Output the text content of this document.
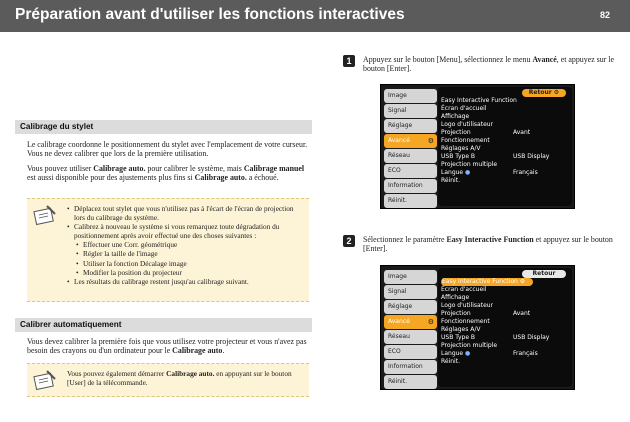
Préparation avant d'utiliser les fonctions interactives	82
Calibrage du stylet
Le calibrage coordonne le positionnement du stylet avec l'emplacement de votre curseur. Vous ne devez calibrer que lors de la première utilisation.
Vous pouvez utiliser Calibrage auto. pour calibrer le système, mais Calibrage manuel est aussi disponible pour des ajustements plus fins si Calibrage auto. a échoué.
• Déplacez tout stylet que vous n'utilisez pas à l'écart de l'écran de projection lors du calibrage du système.
• Calibrez à nouveau le système si vous remarquez toute dégradation du positionnement après avoir effectué une des choses suivantes :
• Effectuer une Corr. géométrique
• Régler la taille de l'image
• Utiliser la fonction Décalage image
• Modifier la position du projecteur
• Les résultats du calibrage restent jusqu'au calibrage suivant.
Calibrer automatiquement
Vous devez calibrer la première fois que vous utilisez votre projecteur et vous n'avez pas besoin des crayons ou d'un ordinateur pour le Calibrage auto.
Vous pouvez également démarrer Calibrage auto. en appuyant sur le bouton [User] de la télécommande.
1	Appuyez sur le bouton [Menu], sélectionnez le menu Avancé, et appuyez sur le bouton [Enter].
Image
Signal
Réglage
Avancé	⚙
Réseau
ECO
Information
Réinit.
Retour ⚙
Easy Interactive Function
Écran d'accueil
Affichage
Logo d'utilisateur
Projection	Avant
Fonctionnement
Réglages A/V
USB Type B	USB Display
Projection multiple
Langue ●	Français
Réinit.
2	Sélectionnez le paramètre Easy Interactive Function et appuyez sur le bouton [Enter].
Image
Signal
Réglage
Avancé	⚙
Réseau
ECO
Information
Réinit.
Retour
Easy Interactive Function ⚙
Écran d'accueil
Affichage
Logo d'utilisateur
Projection	Avant
Fonctionnement
Réglages A/V
USB Type B	USB Display
Projection multiple
Langue ●	Français
Réinit.
